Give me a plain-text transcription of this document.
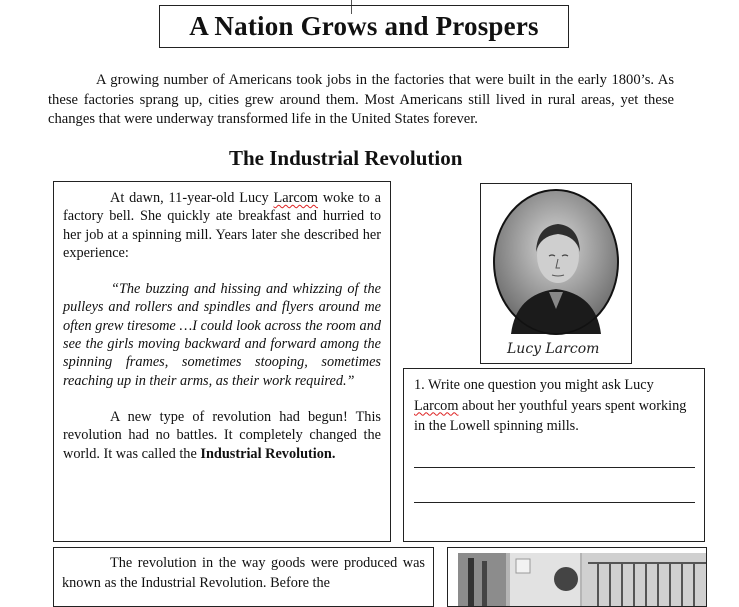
A Nation Grows and Prospers

A growing number of Americans took jobs in the factories that were built in the early 1800’s. As these factories sprang up, cities grew around them. Most Americans still lived in rural areas, yet these changes that were underway transformed life in the United States forever.

The Industrial Revolution

At dawn, 11-year-old Lucy Larcom woke to a factory bell. She quickly ate breakfast and hurried to her job at a spinning mill. Years later she described her experience:

“The buzzing and hissing and whizzing of the pulleys and rollers and spindles and flyers around me often grew tiresome …I could look across the room and see the girls moving backward and forward among the spinning frames, sometimes stooping, sometimes reaching up in their arms, as their work required.”

A new type of revolution had begun! This revolution had no battles. It completely changed the world. It was called the Industrial Revolution.

Lucy Larcom

1. Write one question you might ask Lucy Larcom about her youthful years spent working in the Lowell spinning mills.

The revolution in the way goods were produced was known as the Industrial Revolution. Before the
